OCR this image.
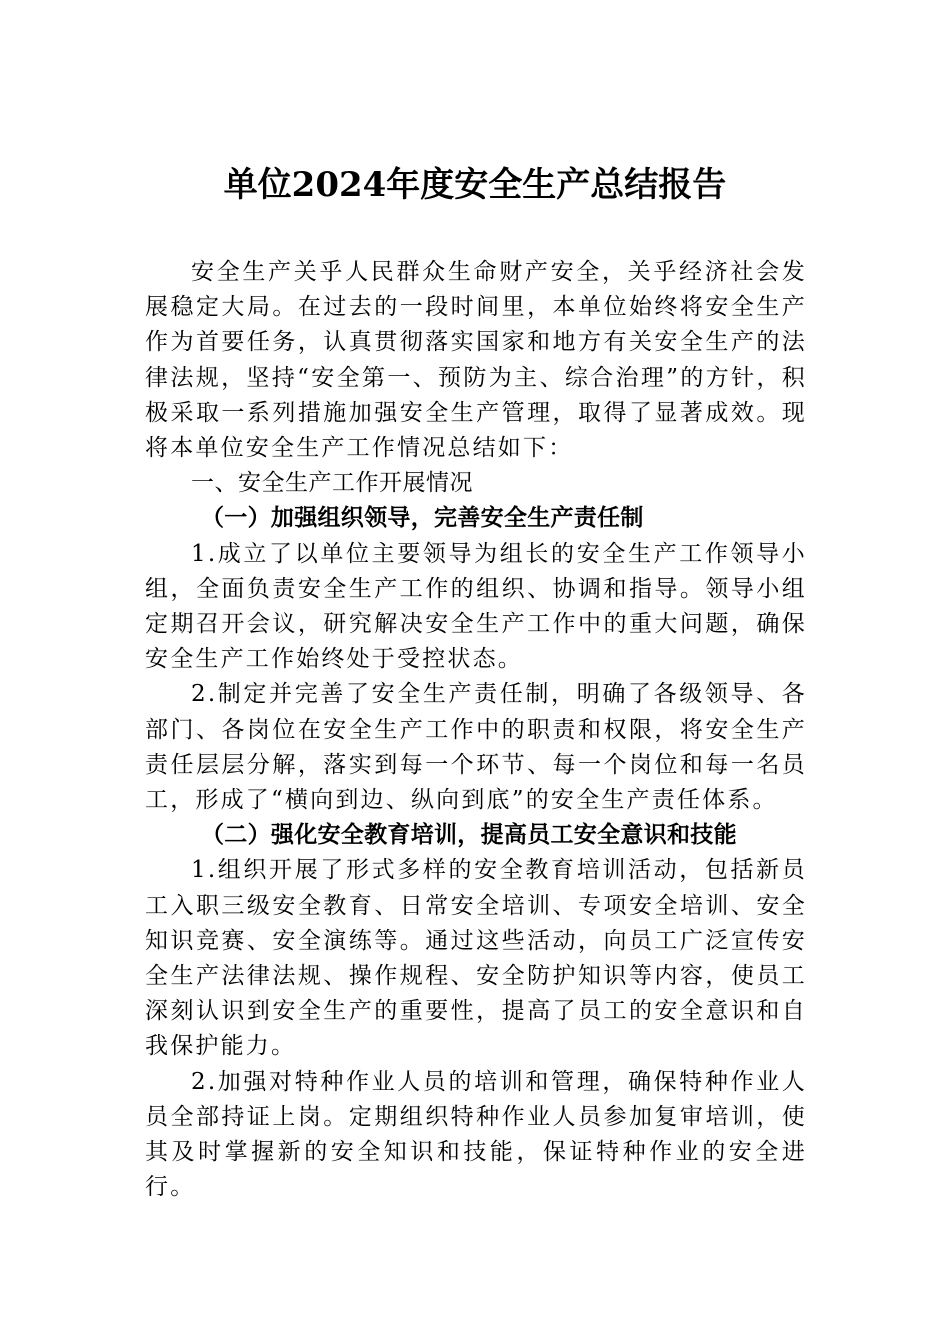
单位2024年度安全生产总结报告

安全生产关乎人民群众生命财产安全，关乎经济社会发展稳定大局。在过去的一段时间里，本单位始终将安全生产作为首要任务，认真贯彻落实国家和地方有关安全生产的法律法规，坚持“安全第一、预防为主、综合治理”的方针，积极采取一系列措施加强安全生产管理，取得了显著成效。现将本单位安全生产工作情况总结如下：

一、安全生产工作开展情况

（一）加强组织领导，完善安全生产责任制

1.成立了以单位主要领导为组长的安全生产工作领导小组，全面负责安全生产工作的组织、协调和指导。领导小组定期召开会议，研究解决安全生产工作中的重大问题，确保安全生产工作始终处于受控状态。

2.制定并完善了安全生产责任制，明确了各级领导、各部门、各岗位在安全生产工作中的职责和权限，将安全生产责任层层分解，落实到每一个环节、每一个岗位和每一名员工，形成了“横向到边、纵向到底”的安全生产责任体系。

（二）强化安全教育培训，提高员工安全意识和技能

1.组织开展了形式多样的安全教育培训活动，包括新员工入职三级安全教育、日常安全培训、专项安全培训、安全知识竞赛、安全演练等。通过这些活动，向员工广泛宣传安全生产法律法规、操作规程、安全防护知识等内容，使员工深刻认识到安全生产的重要性，提高了员工的安全意识和自我保护能力。

2.加强对特种作业人员的培训和管理，确保特种作业人员全部持证上岗。定期组织特种作业人员参加复审培训，使其及时掌握新的安全知识和技能，保证特种作业的安全进行。
